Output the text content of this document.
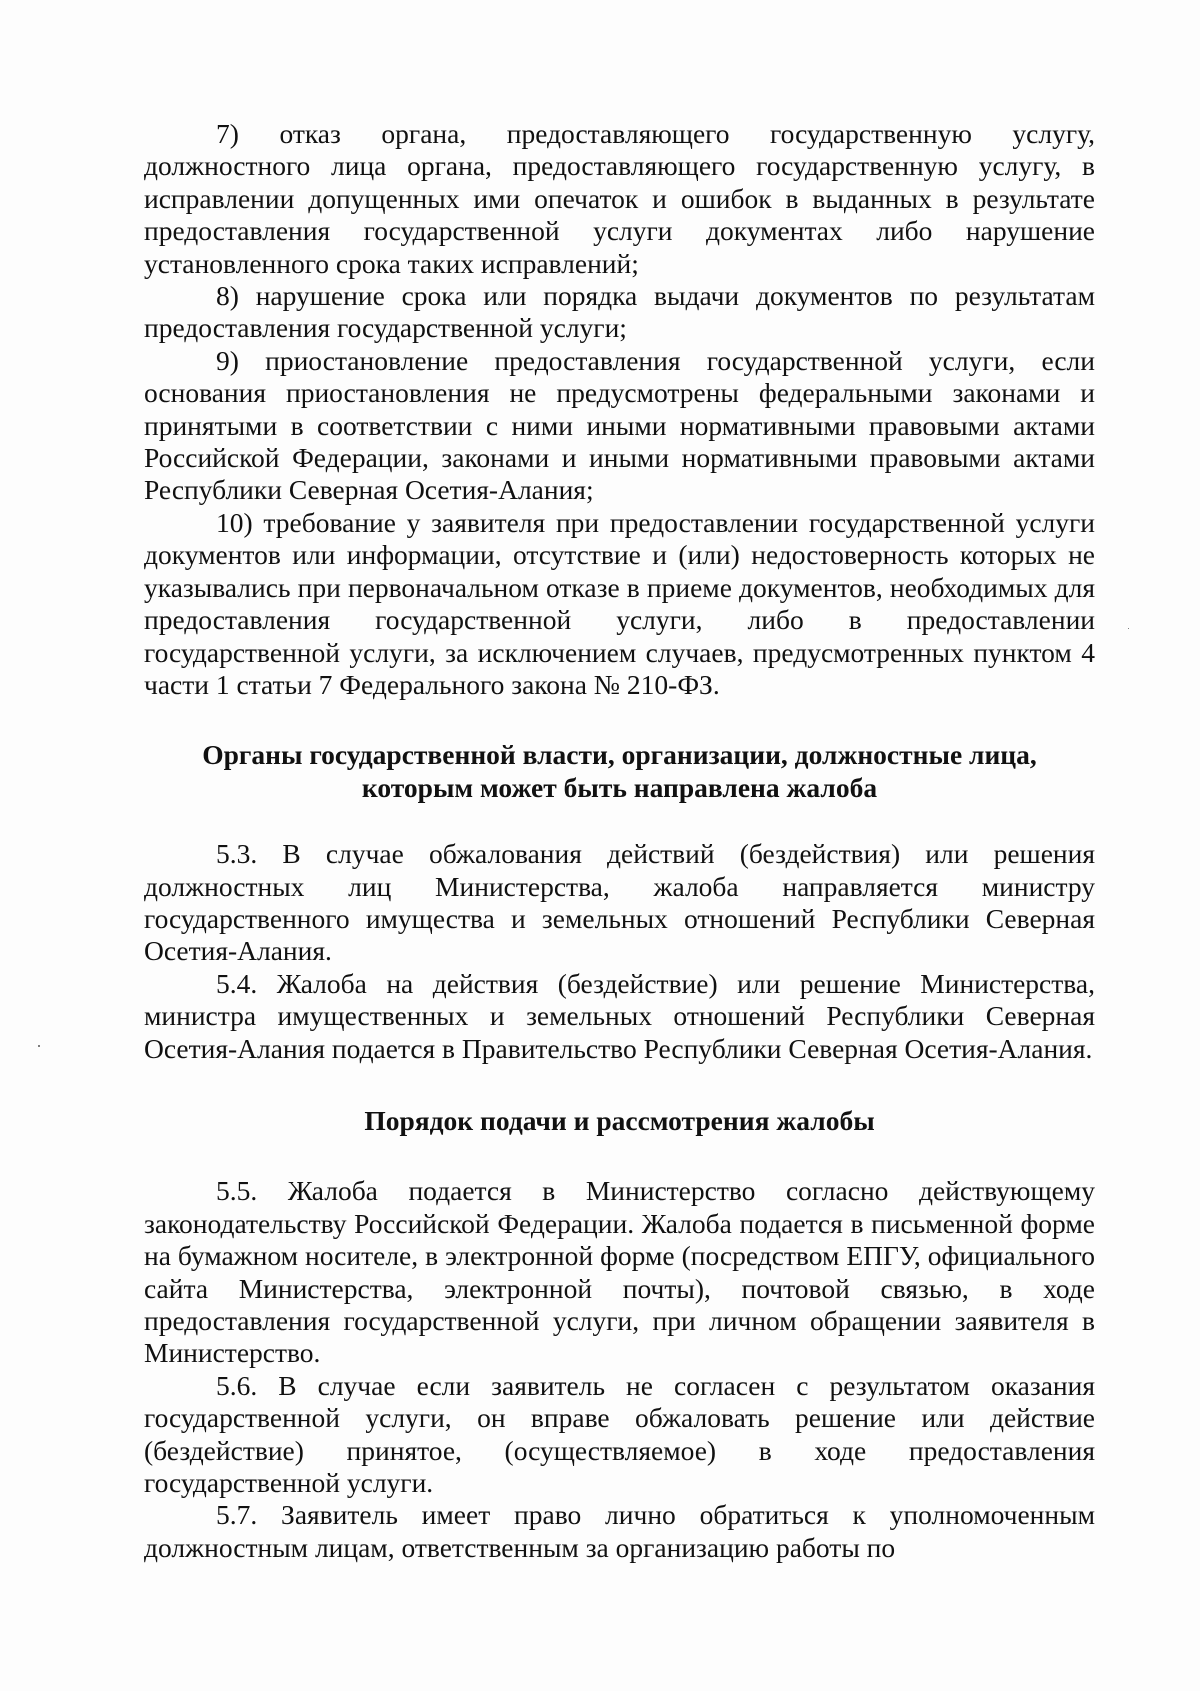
7) отказ органа, предоставляющего государственную услугу, должностного лица органа, предоставляющего государственную услугу, в исправлении допущенных ими опечаток и ошибок в выданных в результате предоставления государственной услуги документах либо нарушение установленного срока таких исправлений;

8) нарушение срока или порядка выдачи документов по результатам предоставления государственной услуги;

9) приостановление предоставления государственной услуги, если основания приостановления не предусмотрены федеральными законами и принятыми в соответствии с ними иными нормативными правовыми актами Российской Федерации, законами и иными нормативными правовыми актами Республики Северная Осетия-Алания;

10) требование у заявителя при предоставлении государственной услуги документов или информации, отсутствие и (или) недостоверность которых не указывались при первоначальном отказе в приеме документов, необходимых для предоставления государственной услуги, либо в предоставлении государственной услуги, за исключением случаев, предусмотренных пунктом 4 части 1 статьи 7 Федерального закона № 210-ФЗ.

Органы государственной власти, организации, должностные лица,
которым может быть направлена жалоба

5.3. В случае обжалования действий (бездействия) или решения должностных лиц Министерства, жалоба направляется министру государственного имущества и земельных отношений Республики Северная Осетия-Алания.

5.4. Жалоба на действия (бездействие) или решение Министерства, министра имущественных и земельных отношений Республики Северная Осетия-Алания подается в Правительство Республики Северная Осетия-Алания.

Порядок подачи и рассмотрения жалобы

5.5. Жалоба подается в Министерство согласно действующему законодательству Российской Федерации. Жалоба подается в письменной форме на бумажном носителе, в электронной форме (посредством ЕПГУ, официального сайта Министерства, электронной почты), почтовой связью, в ходе предоставления государственной услуги, при личном обращении заявителя в Министерство.

5.6. В случае если заявитель не согласен с результатом оказания государственной услуги, он вправе обжаловать решение или действие (бездействие) принятое, (осуществляемое) в ходе предоставления государственной услуги.

5.7. Заявитель имеет право лично обратиться к уполномоченным должностным лицам, ответственным за организацию работы по
